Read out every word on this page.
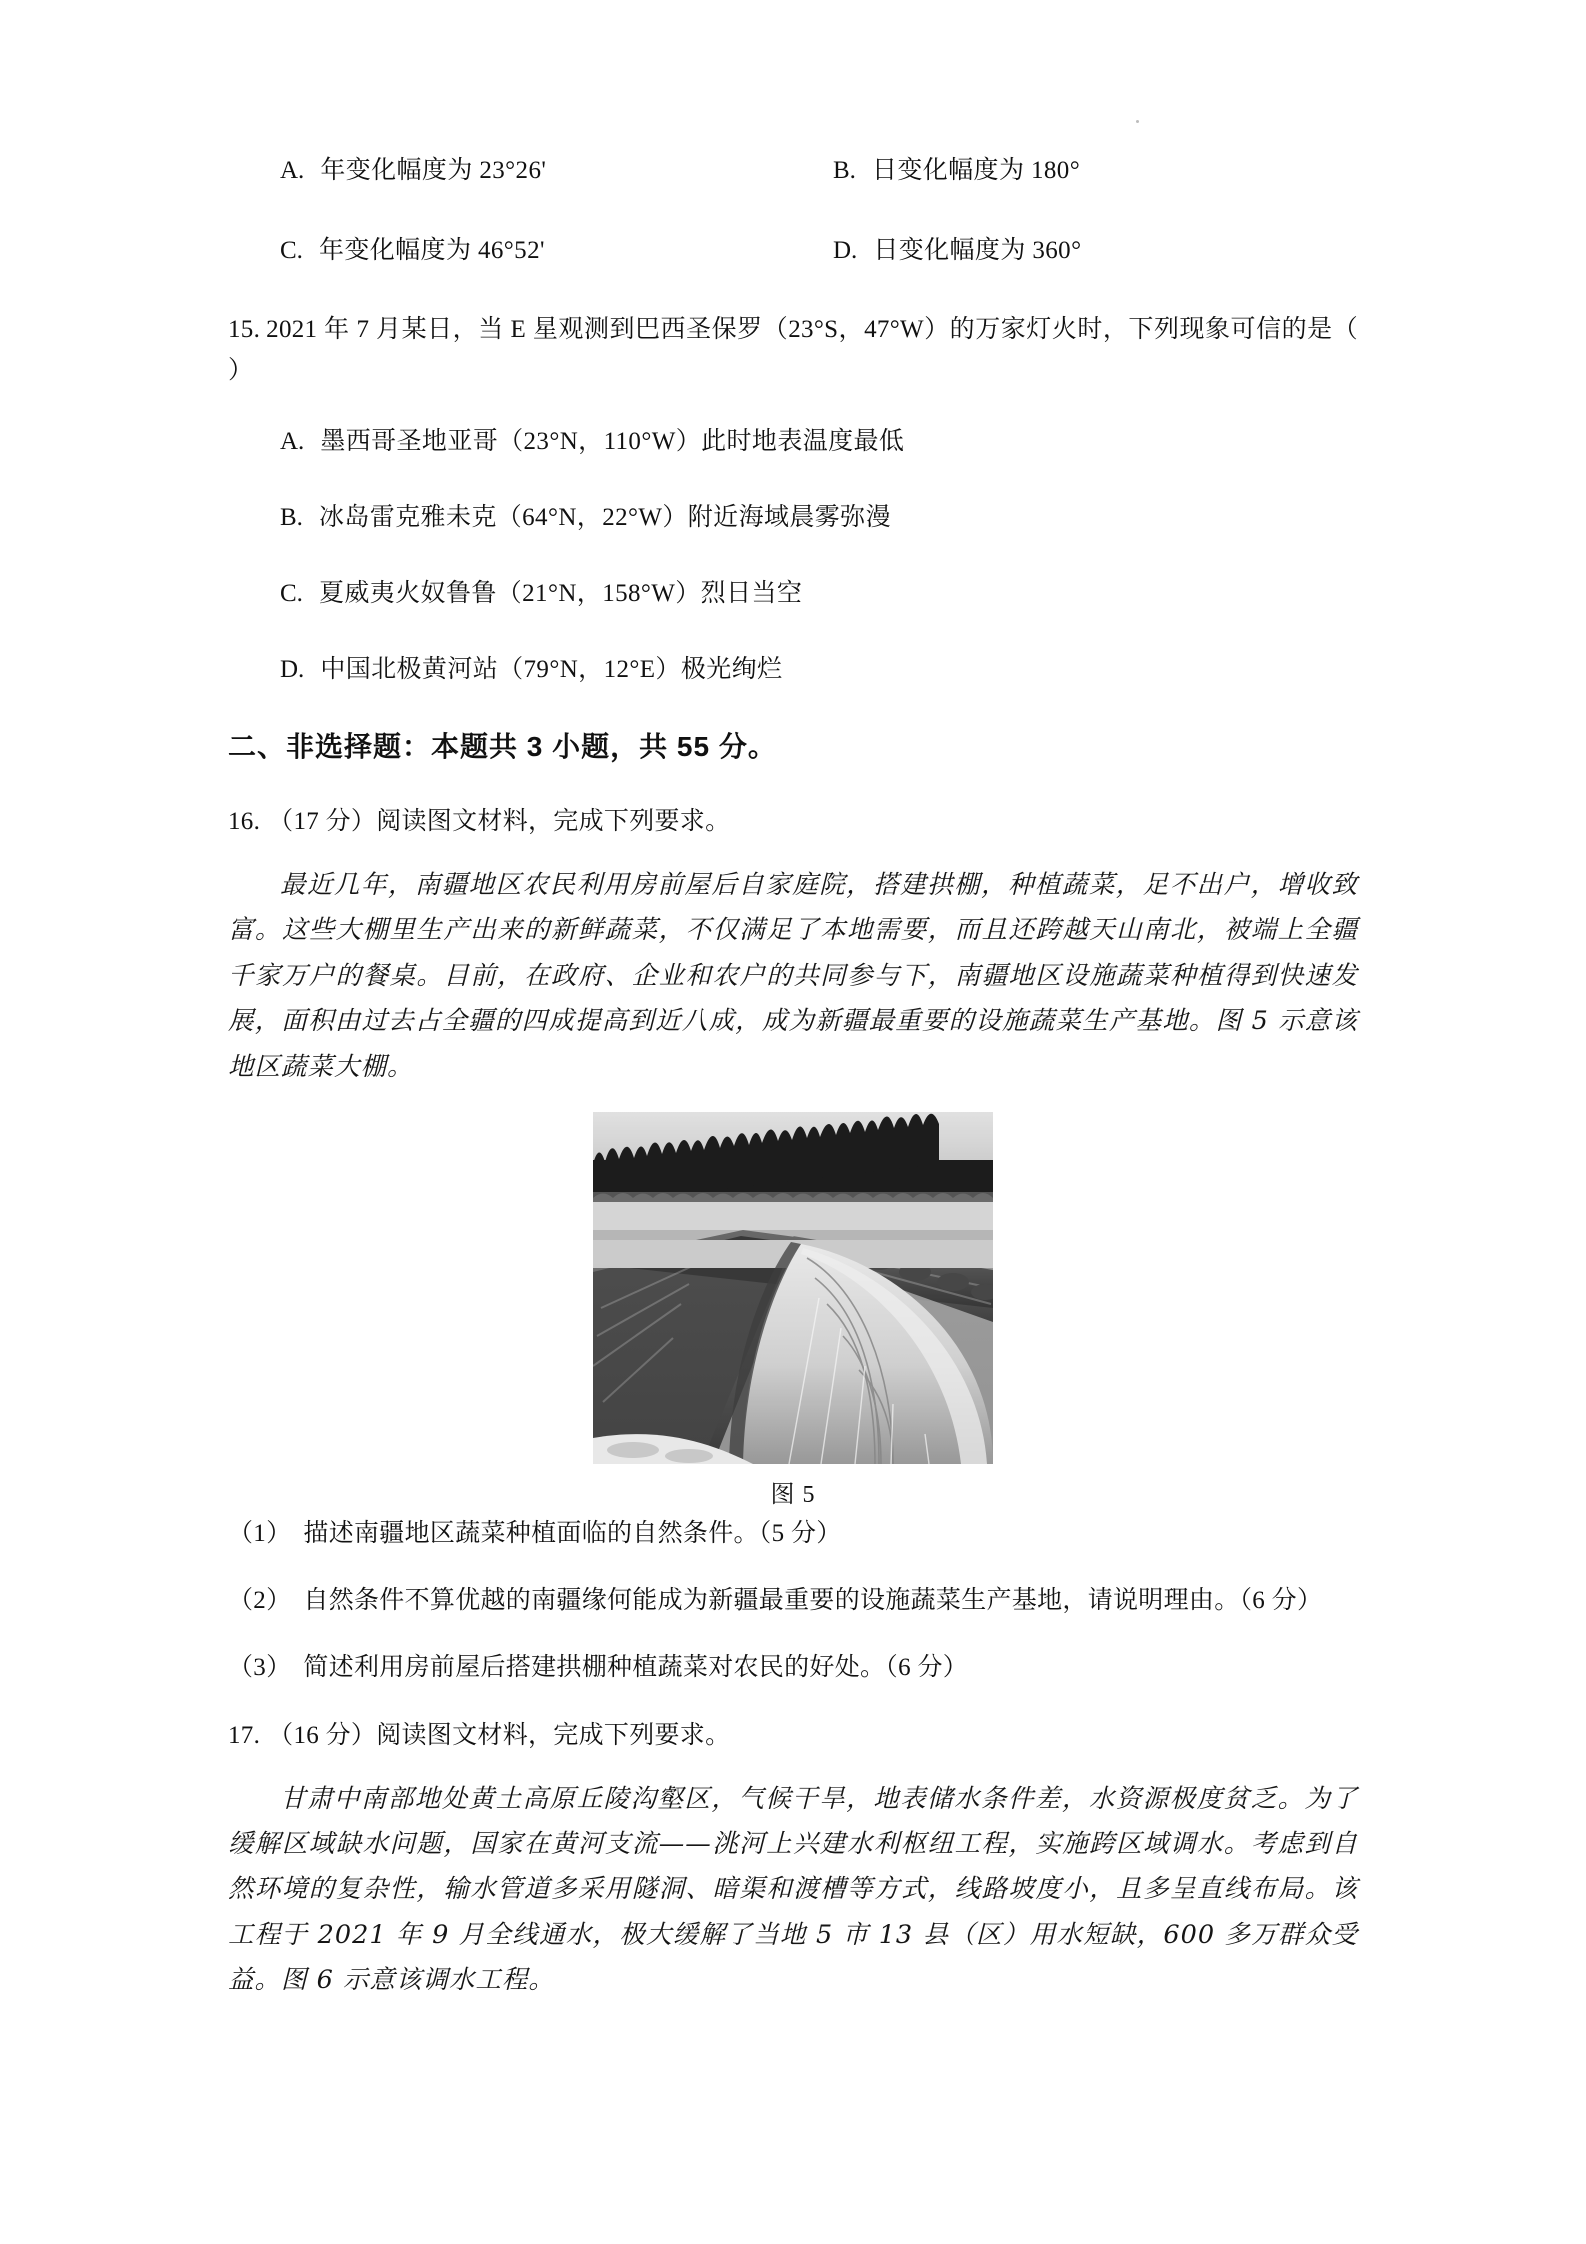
A. 年变化幅度为 23°26'	B. 日变化幅度为 180°
C. 年变化幅度为 46°52'	D. 日变化幅度为 360°
15. 2021 年 7 月某日，当 E 星观测到巴西圣保罗（23°S，47°W）的万家灯火时，下列现象可信的是（ ）
A. 墨西哥圣地亚哥（23°N，110°W）此时地表温度最低
B. 冰岛雷克雅未克（64°N，22°W）附近海域晨雾弥漫
C. 夏威夷火奴鲁鲁（21°N，158°W）烈日当空
D. 中国北极黄河站（79°N，12°E）极光绚烂
二、非选择题：本题共 3 小题，共 55 分。
16. （17 分）阅读图文材料，完成下列要求。
最近几年，南疆地区农民利用房前屋后自家庭院，搭建拱棚，种植蔬菜，足不出户，增收致富。这些大棚里生产出来的新鲜蔬菜，不仅满足了本地需要，而且还跨越天山南北，被端上全疆千家万户的餐桌。目前，在政府、企业和农户的共同参与下，南疆地区设施蔬菜种植得到快速发展，面积由过去占全疆的四成提高到近八成，成为新疆最重要的设施蔬菜生产基地。图 5 示意该地区蔬菜大棚。
图 5
（1） 描述南疆地区蔬菜种植面临的自然条件。（5 分）
（2） 自然条件不算优越的南疆缘何能成为新疆最重要的设施蔬菜生产基地，请说明理由。（6 分）
（3） 简述利用房前屋后搭建拱棚种植蔬菜对农民的好处。（6 分）
17. （16 分）阅读图文材料，完成下列要求。
甘肃中南部地处黄土高原丘陵沟壑区，气候干旱，地表储水条件差，水资源极度贫乏。为了缓解区域缺水问题，国家在黄河支流——洮河上兴建水利枢纽工程，实施跨区域调水。考虑到自然环境的复杂性，输水管道多采用隧洞、暗渠和渡槽等方式，线路坡度小，且多呈直线布局。该工程于 2021 年 9 月全线通水，极大缓解了当地 5 市 13 县（区）用水短缺，600 多万群众受益。图 6 示意该调水工程。
